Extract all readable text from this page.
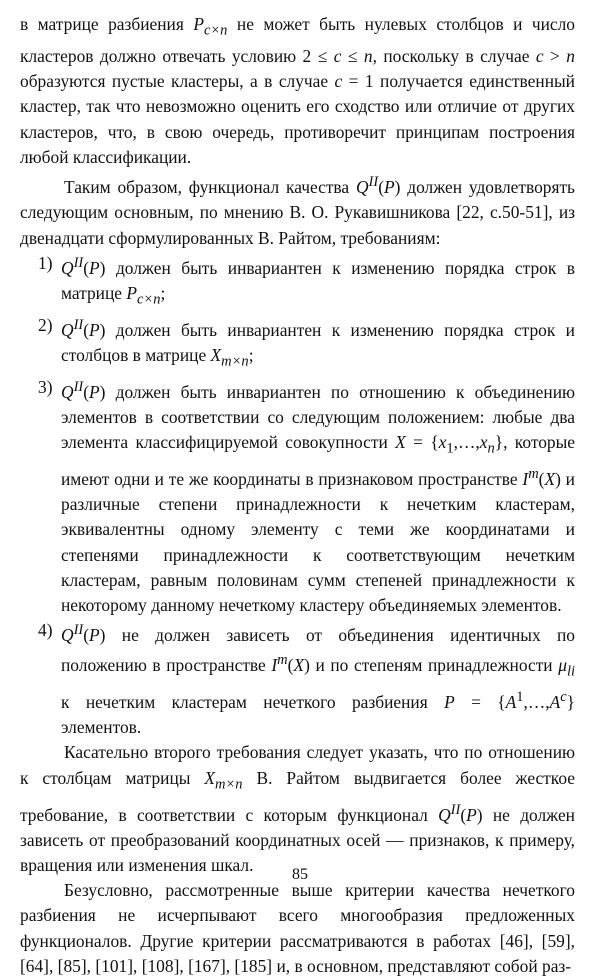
в матрице разбиения $P_{c\times n}$ не может быть нулевых столбцов и число кластеров должно отвечать условию 2 ≤ c ≤ n, поскольку в случае c > n образуются пустые кластеры, а в случае c = 1 получается единственный кластер, так что невозможно оценить его сходство или отличие от других кластеров, что, в свою очередь, противоречит принципам построения любой классификации.

Таким образом, функционал качества $Q^{II}(P)$ должен удовлетворять следующим основным, по мнению В. О. Рукавишникова [22, с.50-51], из двенадцати сформулированных В. Райтом, требованиям:

1) $Q^{II}(P)$ должен быть инвариантен к изменению порядка строк в матрице $P_{c\times n}$;
2) $Q^{II}(P)$ должен быть инвариантен к изменению порядка строк и столбцов в матрице $X_{m\times n}$;
3) $Q^{II}(P)$ должен быть инвариантен по отношению к объединению элементов в соответствии со следующим положением: любые два элемента классифицируемой совокупности $X = \{x_1,\dots,x_n\}$, которые имеют одни и те же координаты в признаковом пространстве $I^m(X)$ и различные степени принадлежности к нечетким кластерам, эквивалентны одному элементу с теми же координатами и степенями принадлежности к соответствующим нечетким кластерам, равным половинам сумм степеней принадлежности к некоторому данному нечеткому кластеру объединяемых элементов.
4) $Q^{II}(P)$ не должен зависеть от объединения идентичных по положению в пространстве $I^m(X)$ и по степеням принадлежности $\mu_{li}$ к нечетким кластерам нечеткого разбиения $P = \{A^1,\dots,A^c\}$ элементов.

Касательно второго требования следует указать, что по отношению к столбцам матрицы $X_{m\times n}$ В. Райтом выдвигается более жесткое требование, в соответствии с которым функционал $Q^{II}(P)$ не должен зависеть от преобразований координатных осей — признаков, к примеру, вращения или изменения шкал.

Безусловно, рассмотренные выше критерии качества нечеткого разбиения не исчерпывают всего многообразия предложенных функционалов. Другие критерии рассматриваются в работах [46], [59], [64], [85], [101], [108], [167], [185] и, в основном, представляют собой раз-

85
